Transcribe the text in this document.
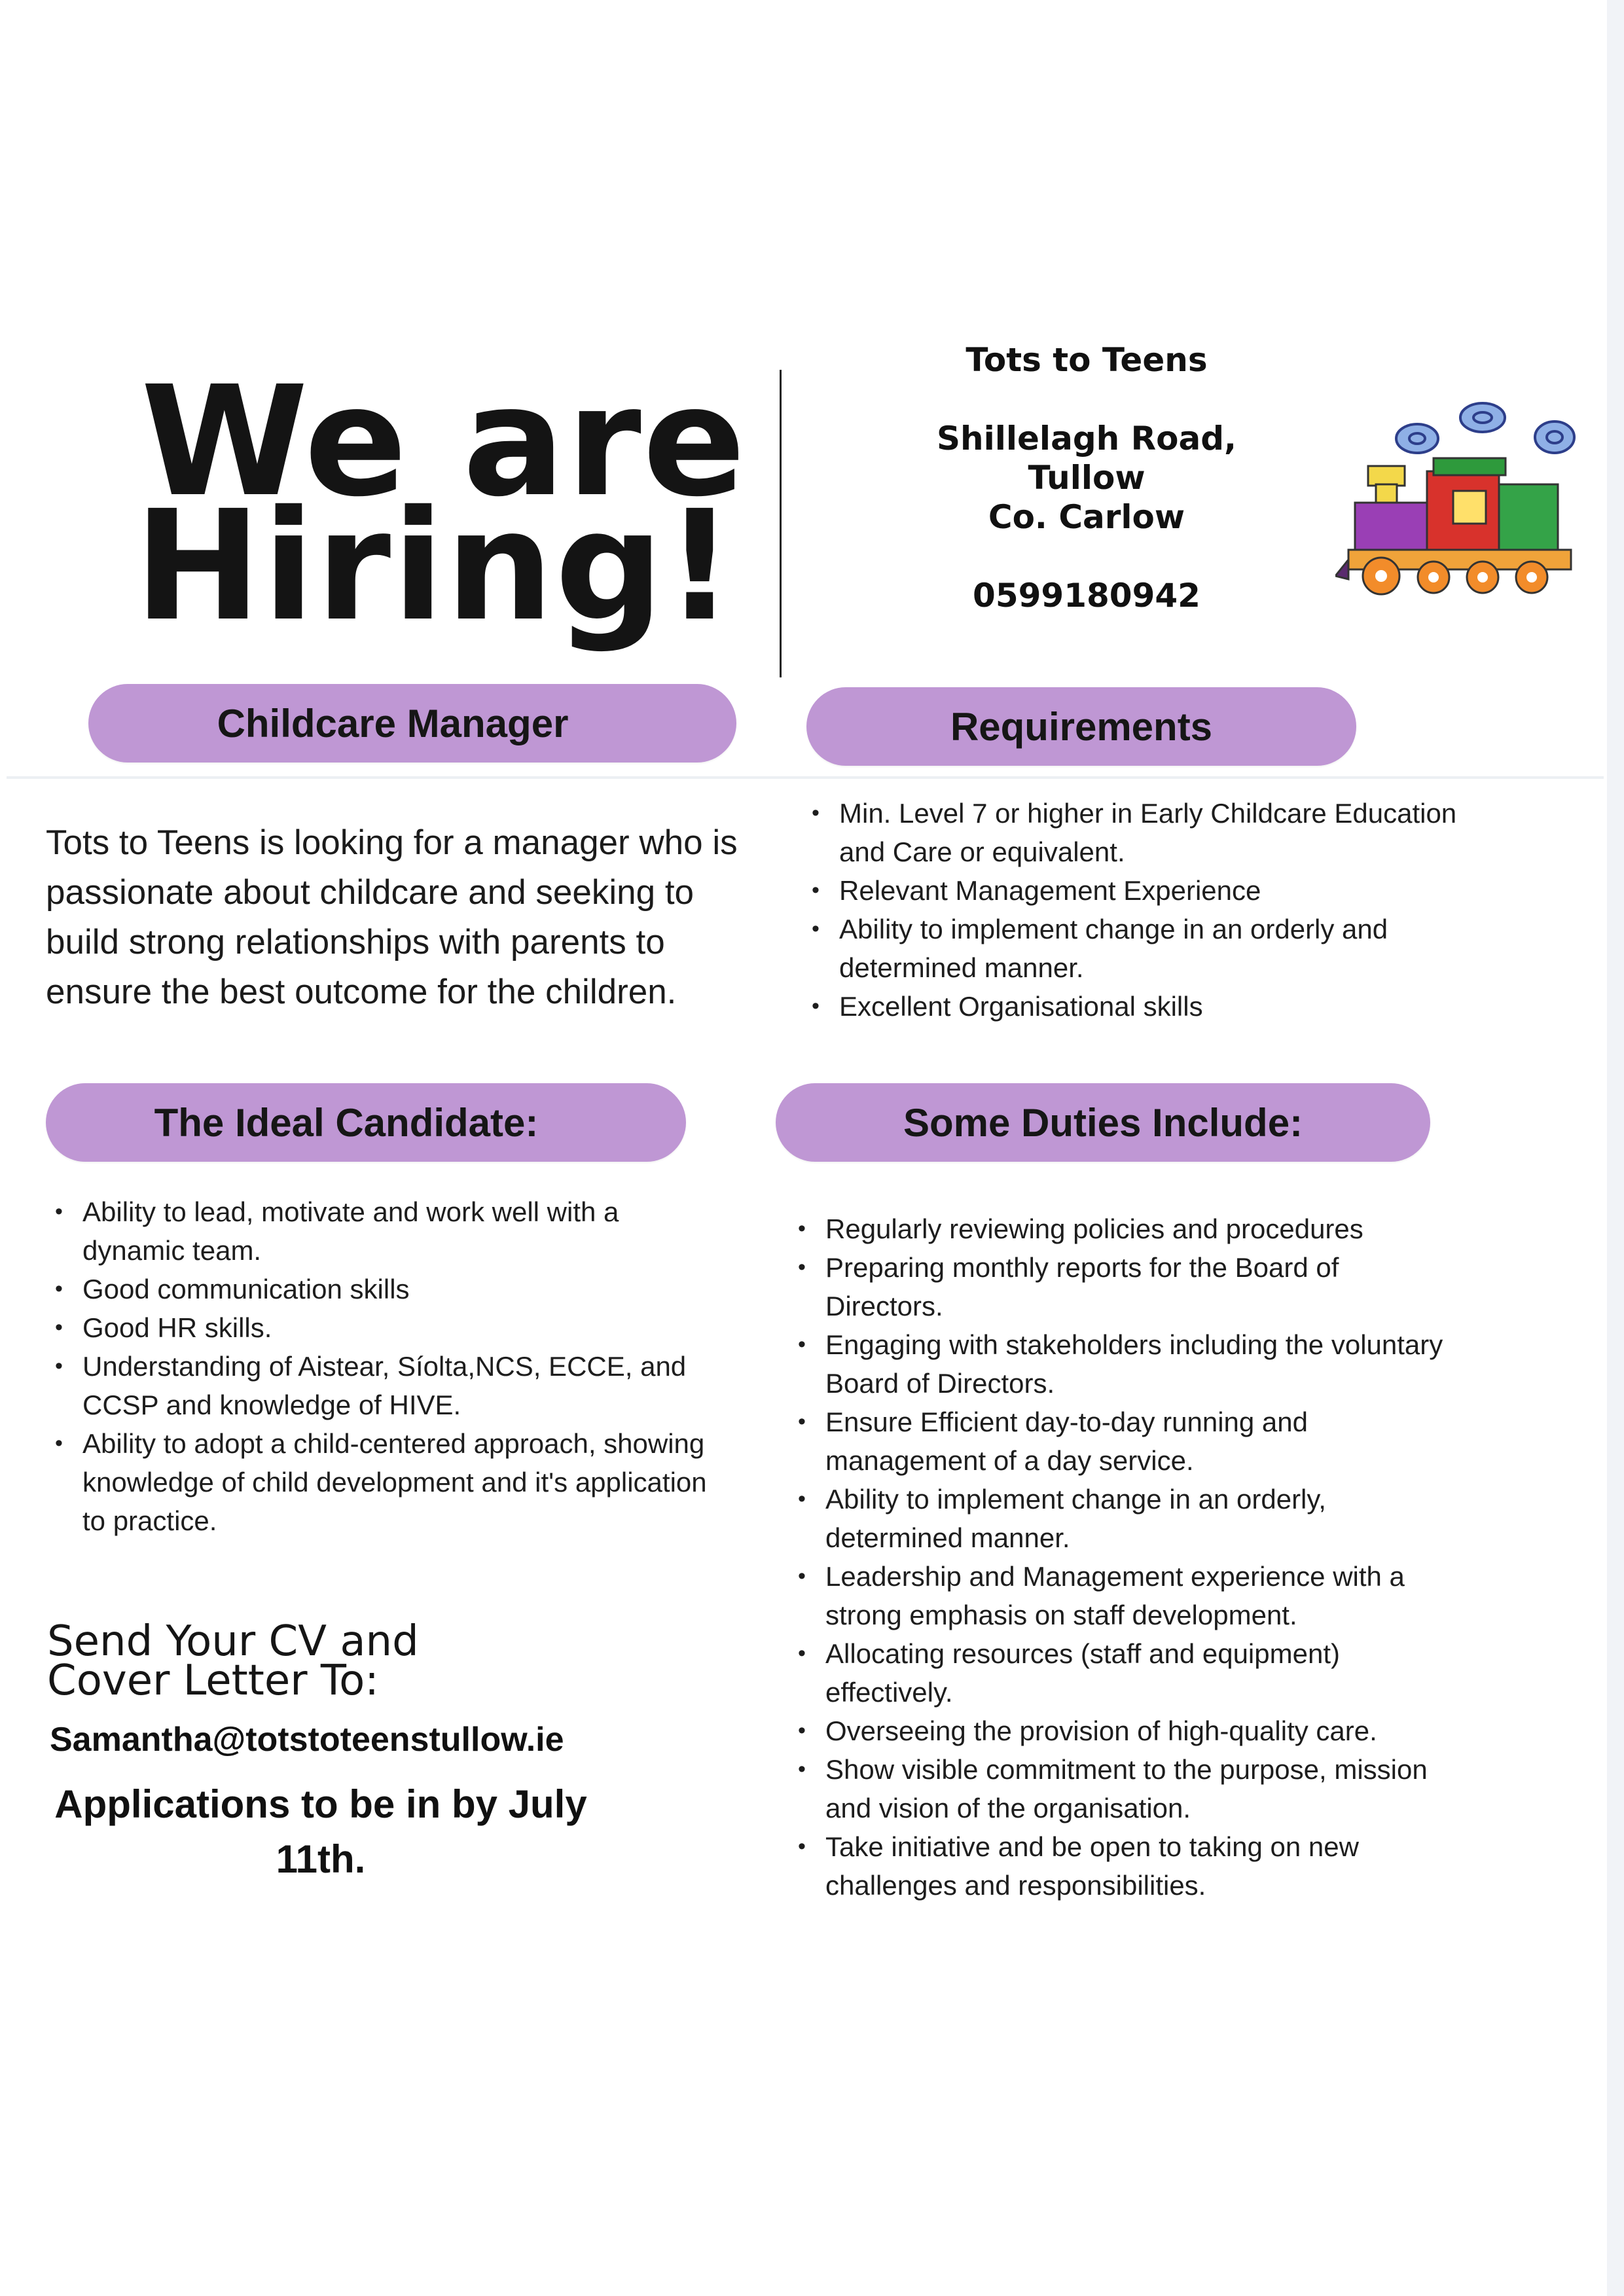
We are
Hiring!
Tots to Teens
Shillelagh Road,
Tullow
Co. Carlow
0599180942
Childcare Manager	Requirements
Tots to Teens is looking for a manager who is passionate about childcare and seeking to build strong relationships with parents to ensure the best outcome for the children.
• Min. Level 7 or higher in Early Childcare Education and Care or equivalent.
• Relevant Management Experience
• Ability to implement change in an orderly and determined manner.
• Excellent Organisational skills
The Ideal Candidate:	Some Duties Include:
• Ability to lead, motivate and work well with a dynamic team.
• Good communication skills
• Good HR skills.
• Understanding of Aistear, Síolta,NCS, ECCE, and CCSP and knowledge of HIVE.
• Ability to adopt a child-centered approach, showing knowledge of child development and it's application to practice.
• Regularly reviewing policies and procedures
• Preparing monthly reports for the Board of Directors.
• Engaging with stakeholders including the voluntary Board of Directors.
• Ensure Efficient day-to-day running and management of a day service.
• Ability to implement change in an orderly, determined manner.
• Leadership and Management experience with a strong emphasis on staff development.
• Allocating resources (staff and equipment) effectively.
• Overseeing the provision of high-quality care.
• Show visible commitment to the purpose, mission and vision of the organisation.
• Take initiative and be open to taking on new challenges and responsibilities.
Send Your CV and
Cover Letter To:
Samantha@totstoteenstullow.ie
Applications to be in by July
11th.
